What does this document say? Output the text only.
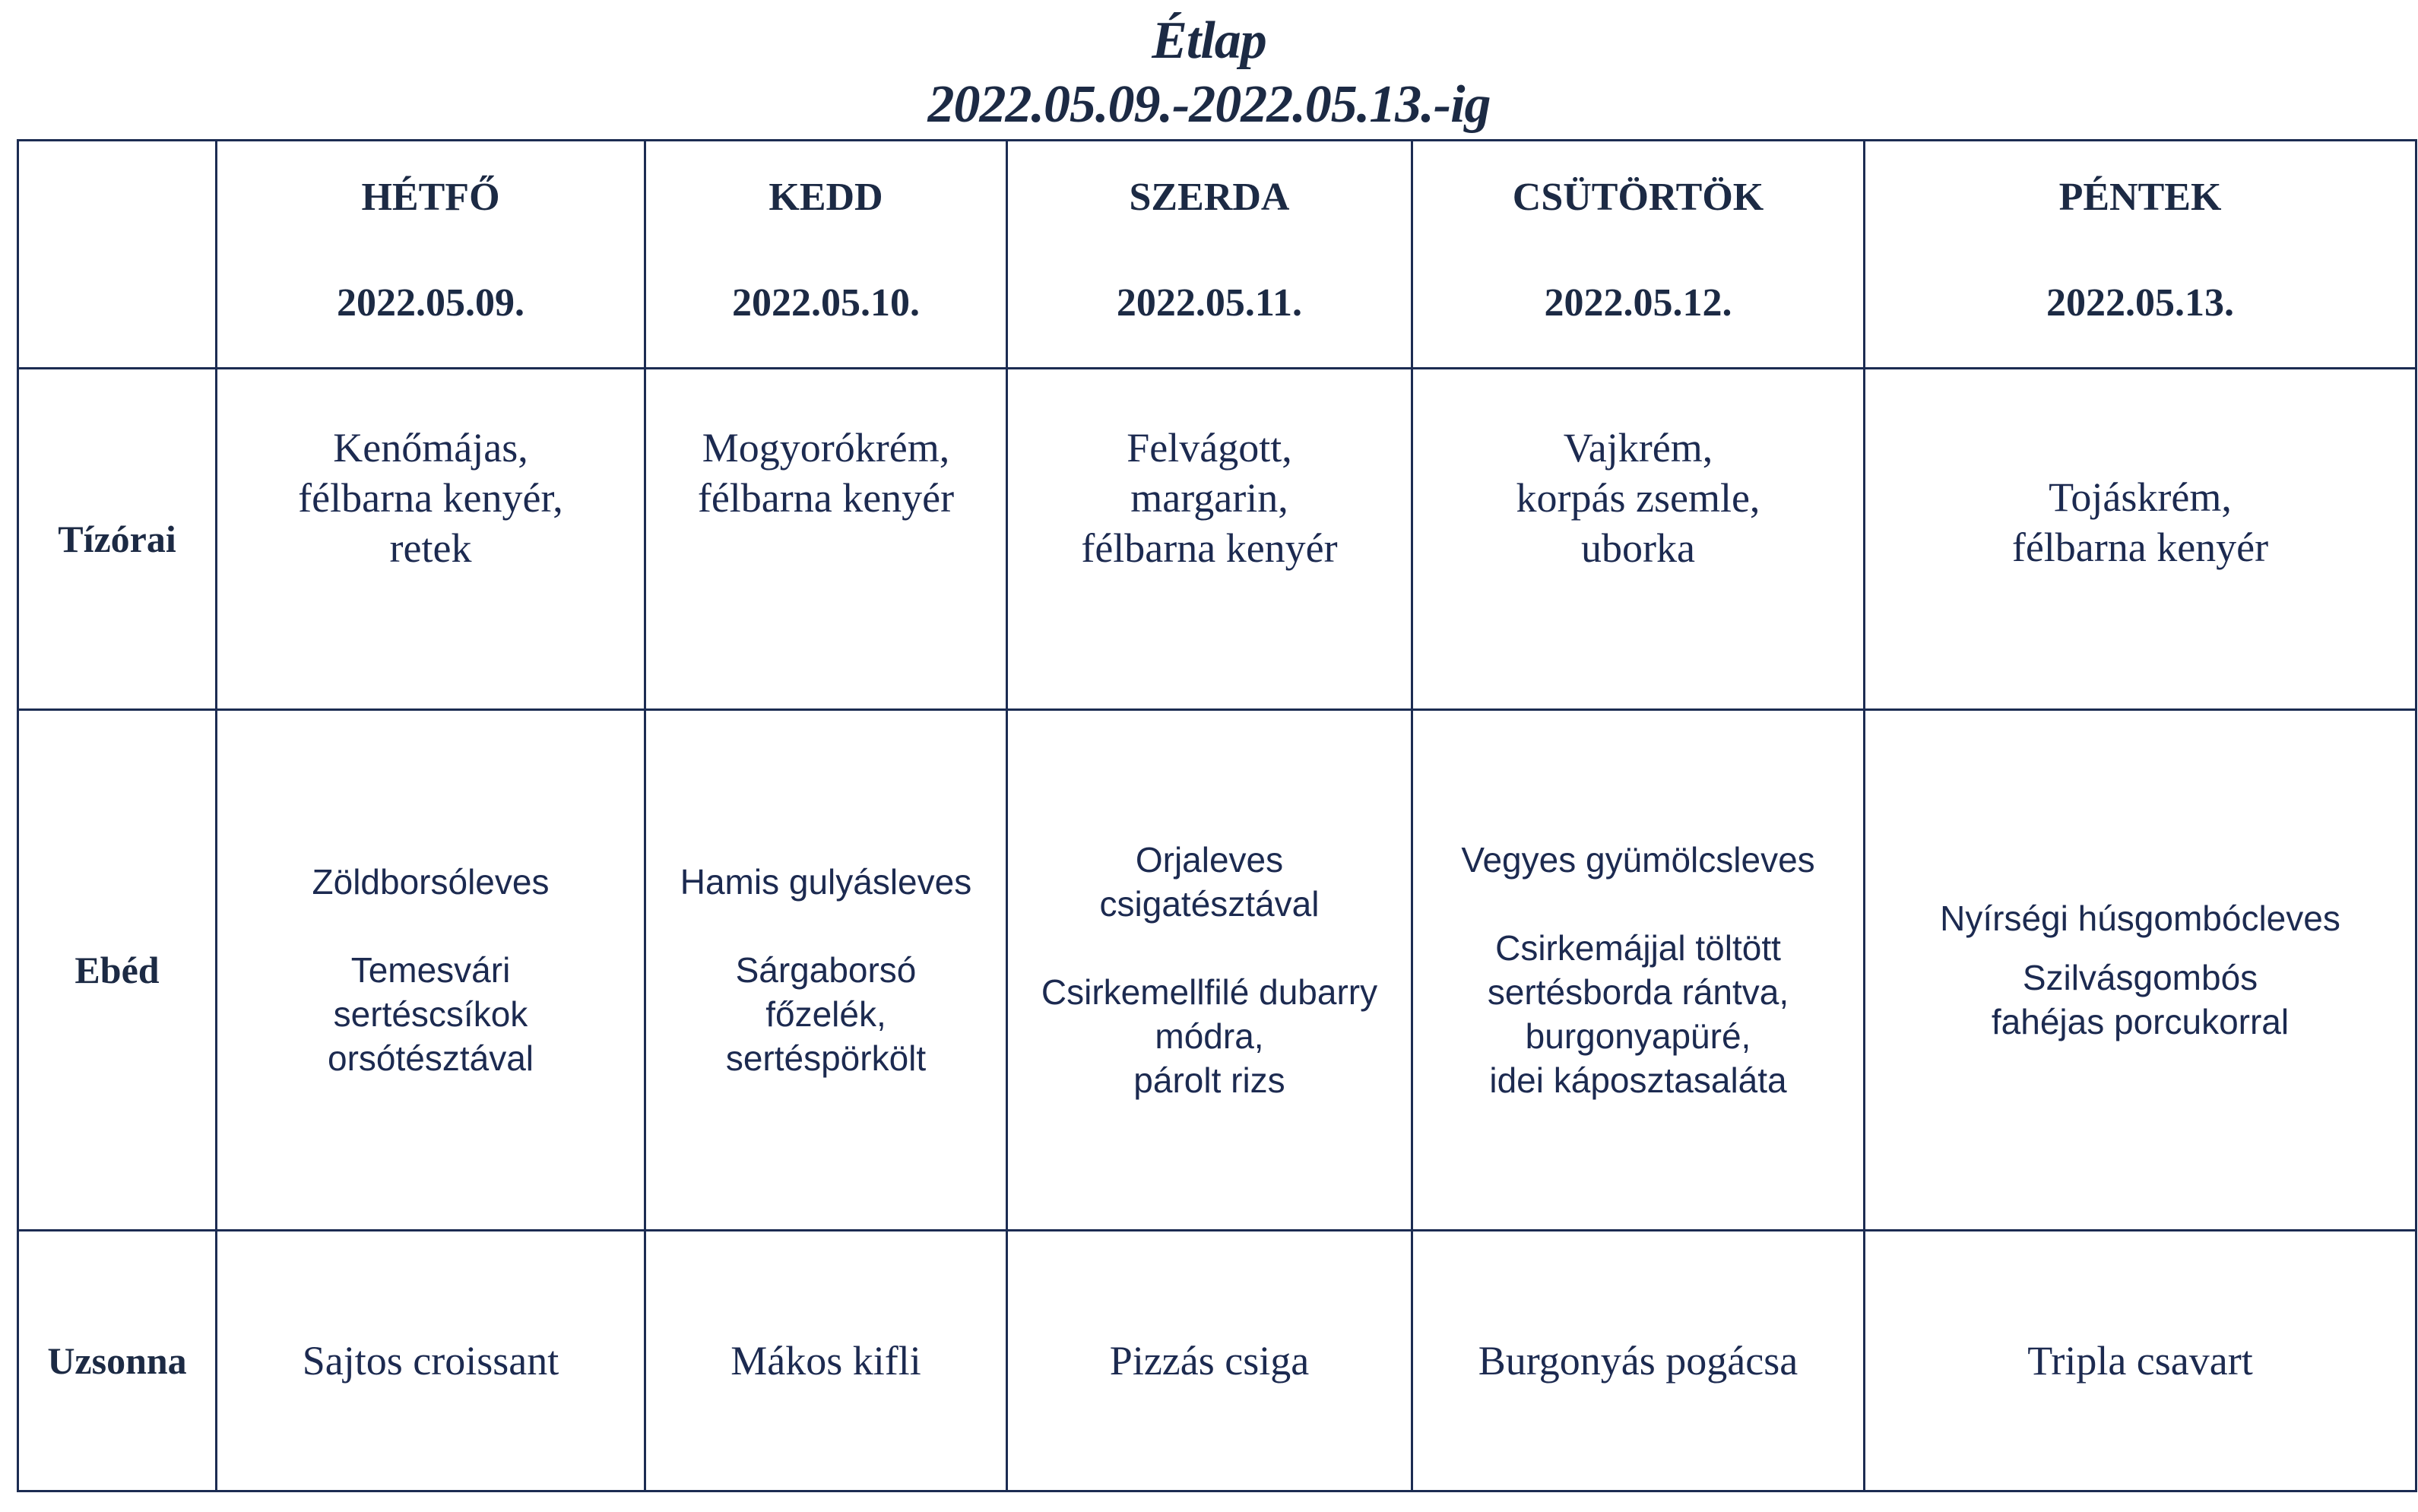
Étlap
2022.05.09.-2022.05.13.-ig

	HÉTFŐ
2022.05.09.	KEDD
2022.05.10.	SZERDA
2022.05.11.	CSÜTÖRTÖK
2022.05.12.	PÉNTEK
2022.05.13.

Tízórai	Kenőmájas,
félbarna kenyér,
retek	Mogyorókrém,
félbarna kenyér	Felvágott,
margarin,
félbarna kenyér	Vajkrém,
korpás zsemle,
uborka	Tojáskrém,
félbarna kenyér

Ebéd	Zöldborsóleves
Temesvári
sertéscsíkok
orsótésztával	Hamis gulyásleves
Sárgaborsó
főzelék,
sertéspörkölt	Orjaleves
csigatésztával
Csirkemellfilé dubarry
módra,
párolt rizs	Vegyes gyümölcsleves
Csirkemájjal töltött
sertésborda rántva,
burgonyapüré,
idei káposztasaláta	Nyírségi húsgombócleves
Szilvásgombós
fahéjas porcukorral

Uzsonna	Sajtos croissant	Mákos kifli	Pizzás csiga	Burgonyás pogácsa	Tripla csavart
